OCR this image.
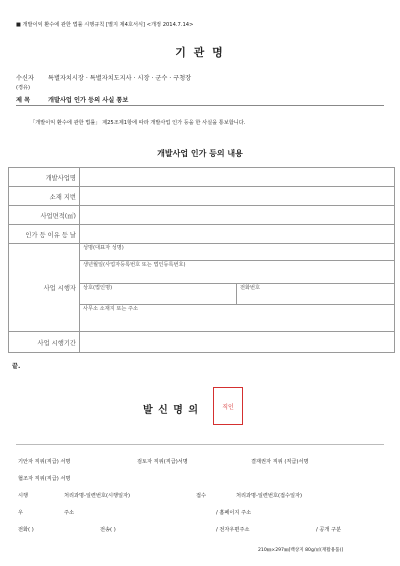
■ 개발이익 환수에 관한 법률 시행규칙 [별지 제4호서식] <개정 2014.7.14>
기 관 명
수신자 특별자치시장 · 특별자치도지사 · 시장 · 군수 · 구청장
(경유)
제 목	개발사업 인가 등의 사실 통보
「개발이익 환수에 관한 법률」 제25조제1항에 따라 개발사업 인가 등을 한 사실을 통보합니다.
개발사업 인가 등의 내용
개발사업명		
소재 지번		
사업면적(㎡)		
인가 등 이유 등 날		
사업 시행자	성명(대표자 성명)	
	생년월일(사업자등록번호 또는 법인등록번호)	
	상호(법인명)	전화번호
	사무소 소재지 또는 주소	
사업 시행기간		
끝.
발 신 명 의	직인
기안자 직위(직급) 서명	검토자 직위(직급)서명	결재권자 직위 (직급)서명
협조자 직위(직급) 서명
시행	처리과명-일련번호(시행일자)	접수	처리과명-일련번호(접수일자)
우	주소	/ 홈페이지 주소
전화( )	전송( )	/ 전자우편주소	/ 공개 구분
210㎜×297㎜[백상지 80g/㎡(재활용품)]
